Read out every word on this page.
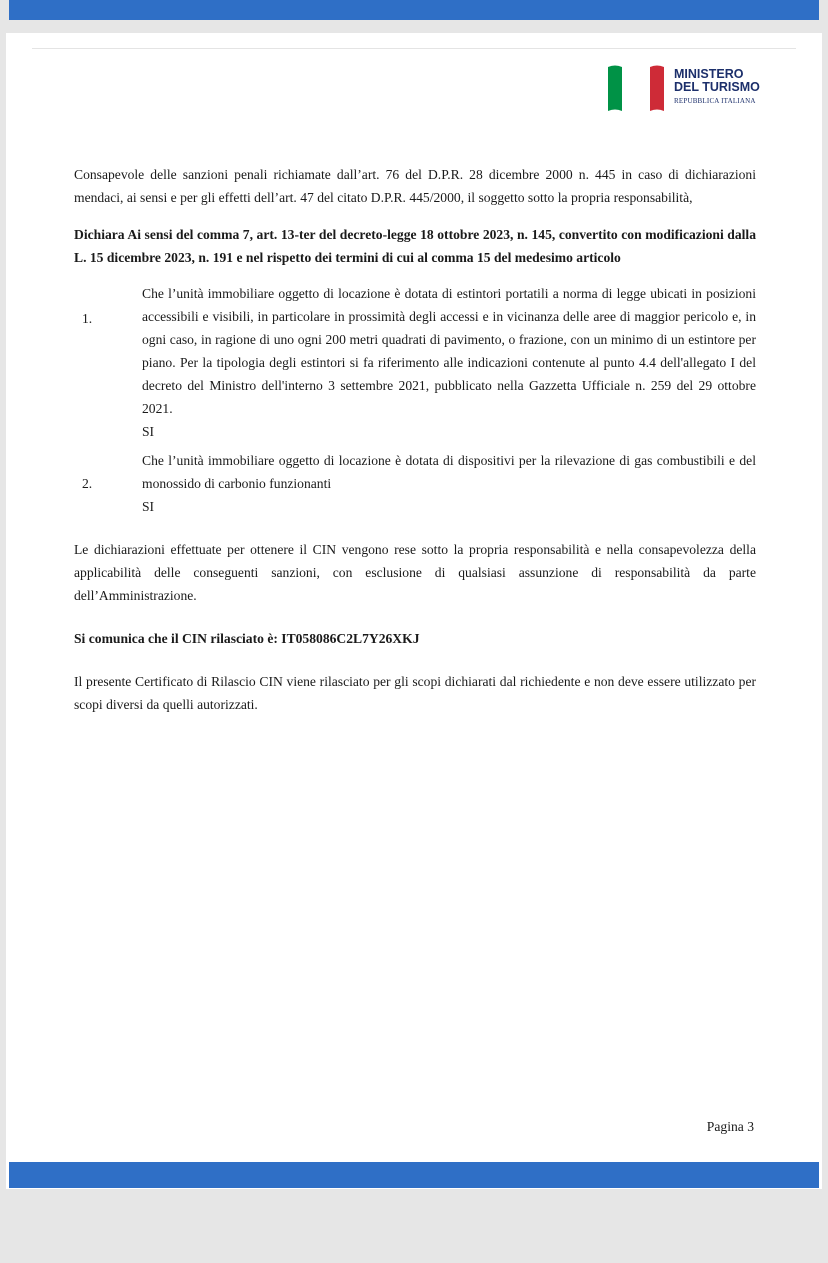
MINISTERO
DEL TURISMO
REPUBBLICA ITALIANA

Consapevole delle sanzioni penali richiamate dall’art. 76 del D.P.R. 28 dicembre 2000 n. 445 in caso di dichiarazioni mendaci, ai sensi e per gli effetti dell’art. 47 del citato D.P.R. 445/2000, il soggetto sotto la propria responsabilità,

Dichiara Ai sensi del comma 7, art. 13-ter del decreto-legge 18 ottobre 2023, n. 145, convertito con modificazioni dalla L. 15 dicembre 2023, n. 191 e nel rispetto dei termini di cui al comma 15 del medesimo articolo

1.
Che l’unità immobiliare oggetto di locazione è dotata di estintori portatili a norma di legge ubicati in posizioni accessibili e visibili, in particolare in prossimità degli accessi e in vicinanza delle aree di maggior pericolo e, in ogni caso, in ragione di uno ogni 200 metri quadrati di pavimento, o frazione, con un minimo di un estintore per piano. Per la tipologia degli estintori si fa riferimento alle indicazioni contenute al punto 4.4 dell'allegato I del decreto del Ministro dell'interno 3 settembre 2021, pubblicato nella Gazzetta Ufficiale n. 259 del 29 ottobre 2021.
SI
2.
Che l’unità immobiliare oggetto di locazione è dotata di dispositivi per la rilevazione di gas combustibili e del monossido di carbonio funzionanti
SI

Le dichiarazioni effettuate per ottenere il CIN vengono rese sotto la propria responsabilità e nella consapevolezza della applicabilità delle conseguenti sanzioni, con esclusione di qualsiasi assunzione di responsabilità da parte dell’Amministrazione.

Si comunica che il CIN rilasciato è: IT058086C2L7Y26XKJ

Il presente Certificato di Rilascio CIN viene rilasciato per gli scopi dichiarati dal richiedente e non deve essere utilizzato per scopi diversi da quelli autorizzati.

Pagina 3
